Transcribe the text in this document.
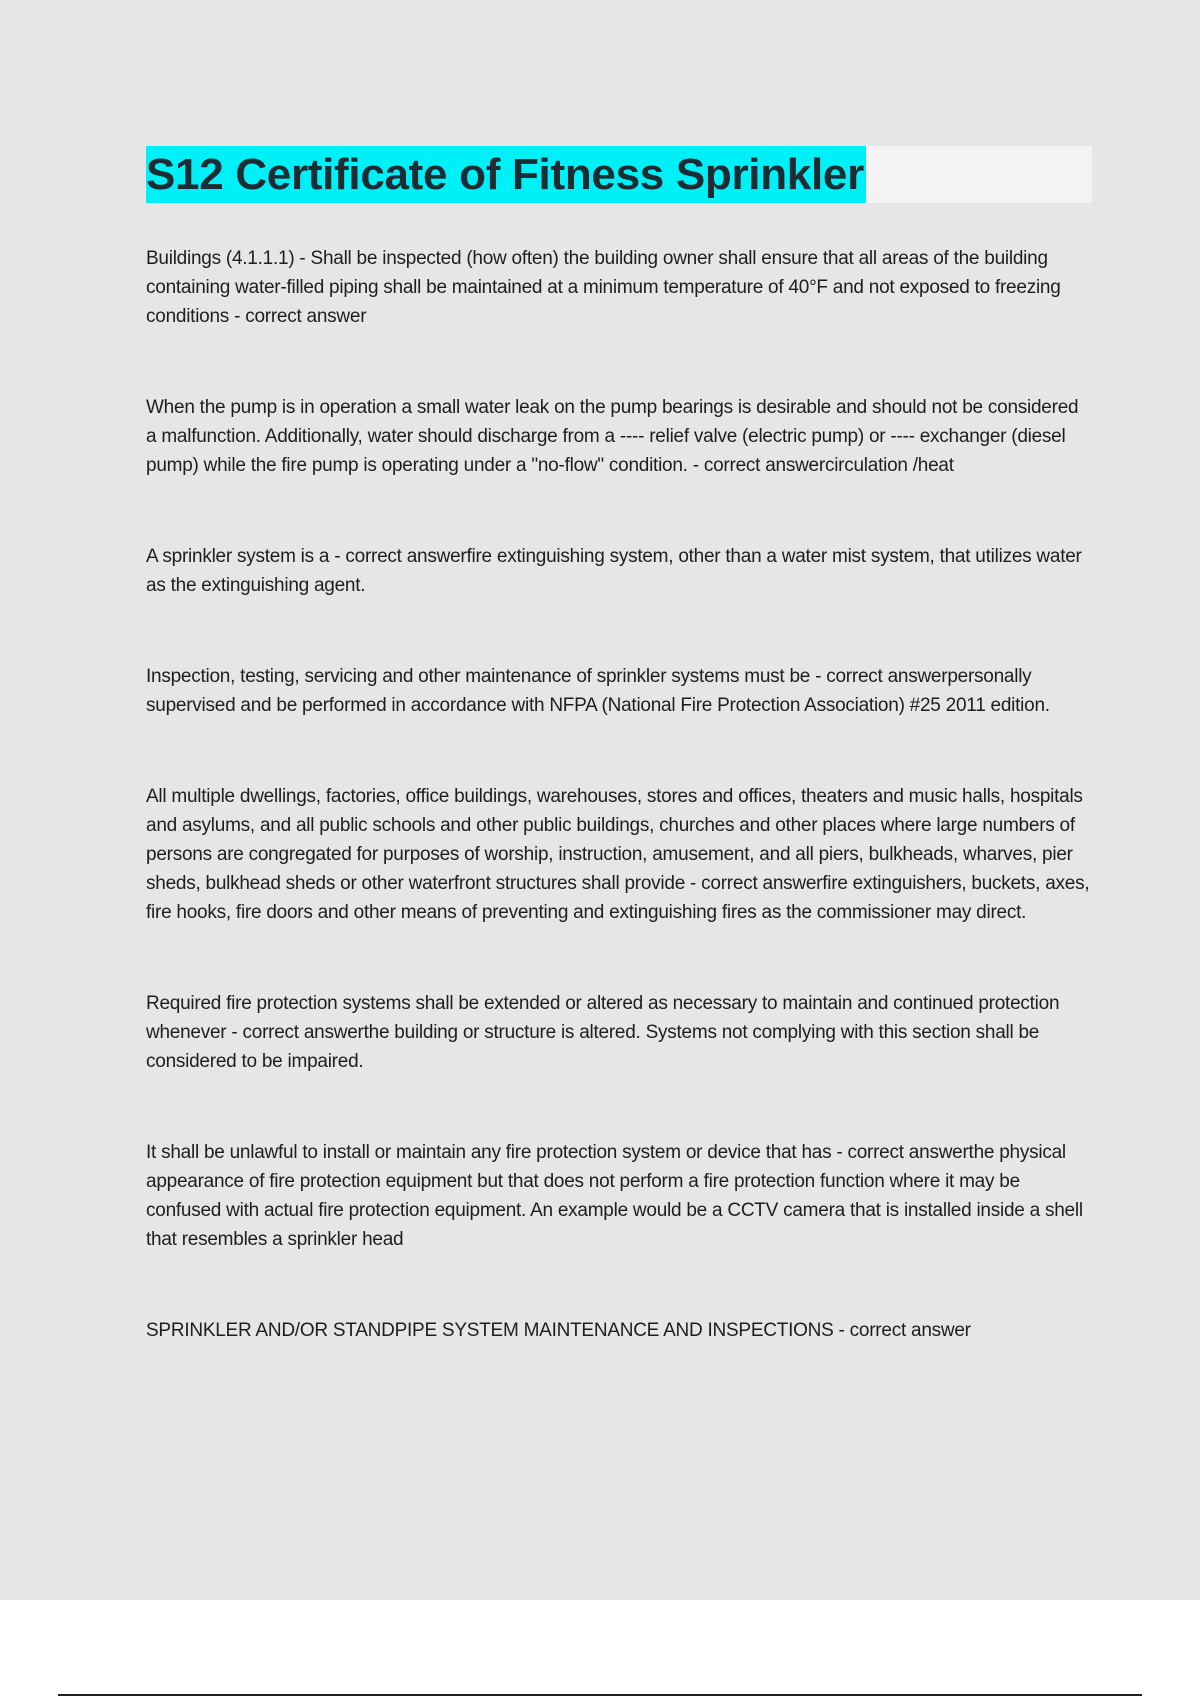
S12 Certificate of Fitness Sprinkler

Buildings (4.1.1.1) - Shall be inspected (how often) the building owner shall ensure that all areas of the building containing water-filled piping shall be maintained at a minimum temperature of 40°F and not exposed to freezing conditions - correct answer

When the pump is in operation a small water leak on the pump bearings is desirable and should not be considered a malfunction. Additionally, water should discharge from a ---- relief valve (electric pump) or ---- exchanger (diesel pump) while the fire pump is operating under a "no-flow" condition. - correct answercirculation /heat

A sprinkler system is a - correct answerfire extinguishing system, other than a water mist system, that utilizes water as the extinguishing agent.

Inspection, testing, servicing and other maintenance of sprinkler systems must be - correct answerpersonally supervised and be performed in accordance with NFPA (National Fire Protection Association) #25 2011 edition.

All multiple dwellings, factories, office buildings, warehouses, stores and offices, theaters and music halls, hospitals and asylums, and all public schools and other public buildings, churches and other places where large numbers of persons are congregated for purposes of worship, instruction, amusement, and all piers, bulkheads, wharves, pier sheds, bulkhead sheds or other waterfront structures shall provide - correct answerfire extinguishers, buckets, axes, fire hooks, fire doors and other means of preventing and extinguishing fires as the commissioner may direct.

Required fire protection systems shall be extended or altered as necessary to maintain and continued protection whenever - correct answerthe building or structure is altered. Systems not complying with this section shall be considered to be impaired.

It shall be unlawful to install or maintain any fire protection system or device that has - correct answerthe physical appearance of fire protection equipment but that does not perform a fire protection function where it may be confused with actual fire protection equipment. An example would be a CCTV camera that is installed inside a shell that resembles a sprinkler head

SPRINKLER AND/OR STANDPIPE SYSTEM MAINTENANCE AND INSPECTIONS - correct answer
